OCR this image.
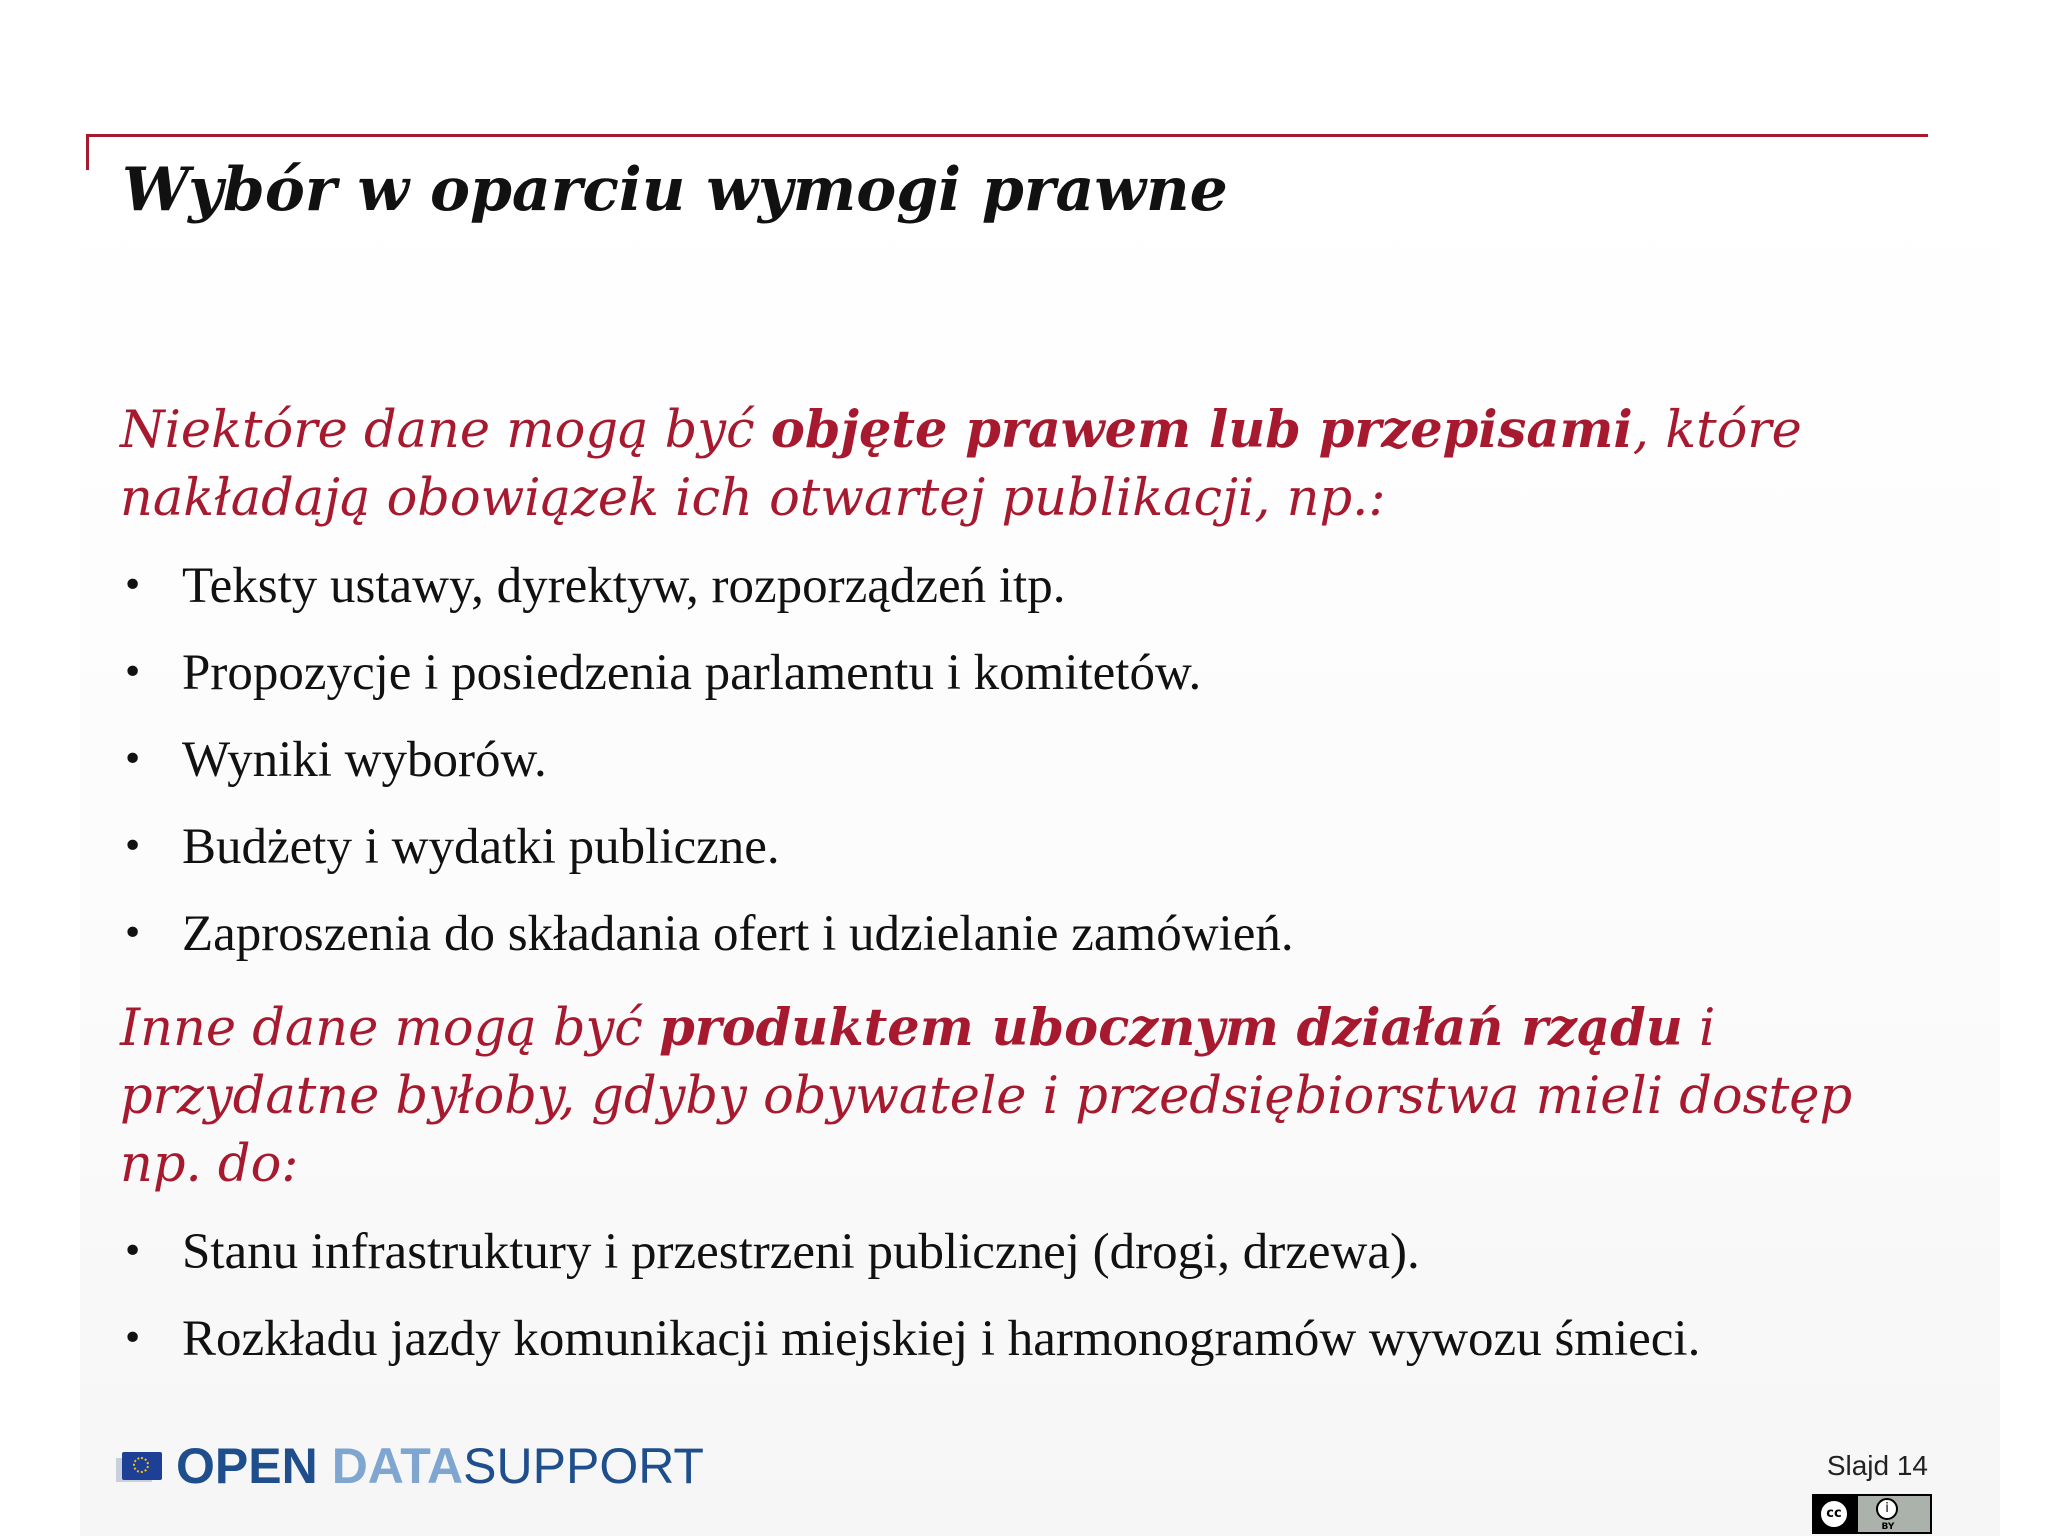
Wybór w oparciu wymogi prawne

Niektóre dane mogą być objęte prawem lub przepisami, które nakładają obowiązek ich otwartej publikacji, np.:

• Teksty ustawy, dyrektyw, rozporządzeń itp.
• Propozycje i posiedzenia parlamentu i komitetów.
• Wyniki wyborów.
• Budżety i wydatki publiczne.
• Zaproszenia do składania ofert i udzielanie zamówień.

Inne dane mogą być produktem ubocznym działań rządu i przydatne byłoby, gdyby obywatele i przedsiębiorstwa mieli dostęp np. do:

• Stanu infrastruktury i przestrzeni publicznej (drogi, drzewa).
• Rozkładu jazdy komunikacji miejskiej i harmonogramów wywozu śmieci.
OPEN DATASUPPORT	Slajd 14
cc	i
BY
